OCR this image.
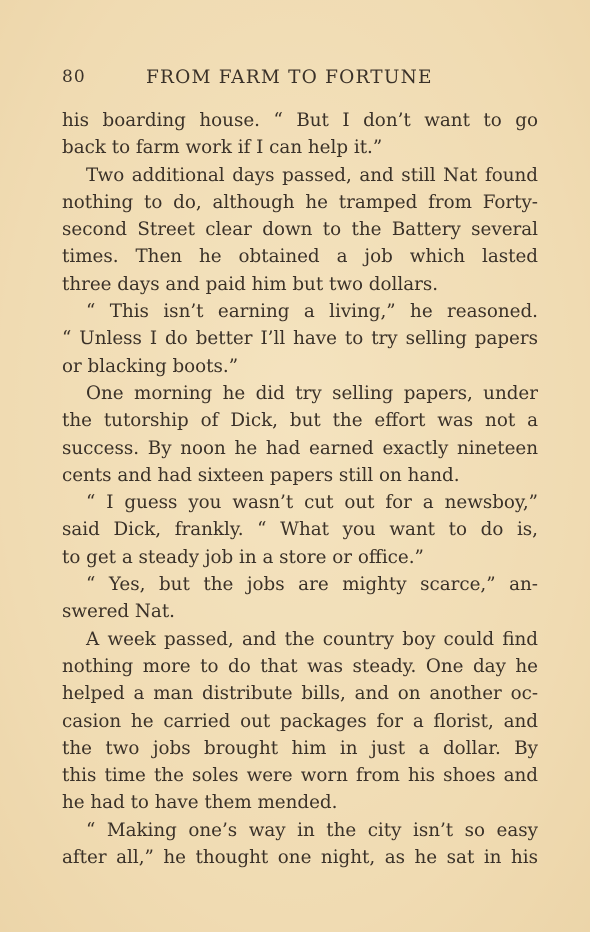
80	FROM FARM TO FORTUNE
his boarding house. “ But I don’t want to go
back to farm work if I can help it.”
Two additional days passed, and still Nat found
nothing to do, although he tramped from Forty-
second Street clear down to the Battery several
times. Then he obtained a job which lasted
three days and paid him but two dollars.
“ This isn’t earning a living,” he reasoned.
“ Unless I do better I’ll have to try selling papers
or blacking boots.”
One morning he did try selling papers, under
the tutorship of Dick, but the effort was not a
success. By noon he had earned exactly nineteen
cents and had sixteen papers still on hand.
“ I guess you wasn’t cut out for a newsboy,”
said Dick, frankly. “ What you want to do is,
to get a steady job in a store or office.”
“ Yes, but the jobs are mighty scarce,” an-
swered Nat.
A week passed, and the country boy could find
nothing more to do that was steady. One day he
helped a man distribute bills, and on another oc-
casion he carried out packages for a florist, and
the two jobs brought him in just a dollar. By
this time the soles were worn from his shoes and
he had to have them mended.
“ Making one’s way in the city isn’t so easy
after all,” he thought one night, as he sat in his
